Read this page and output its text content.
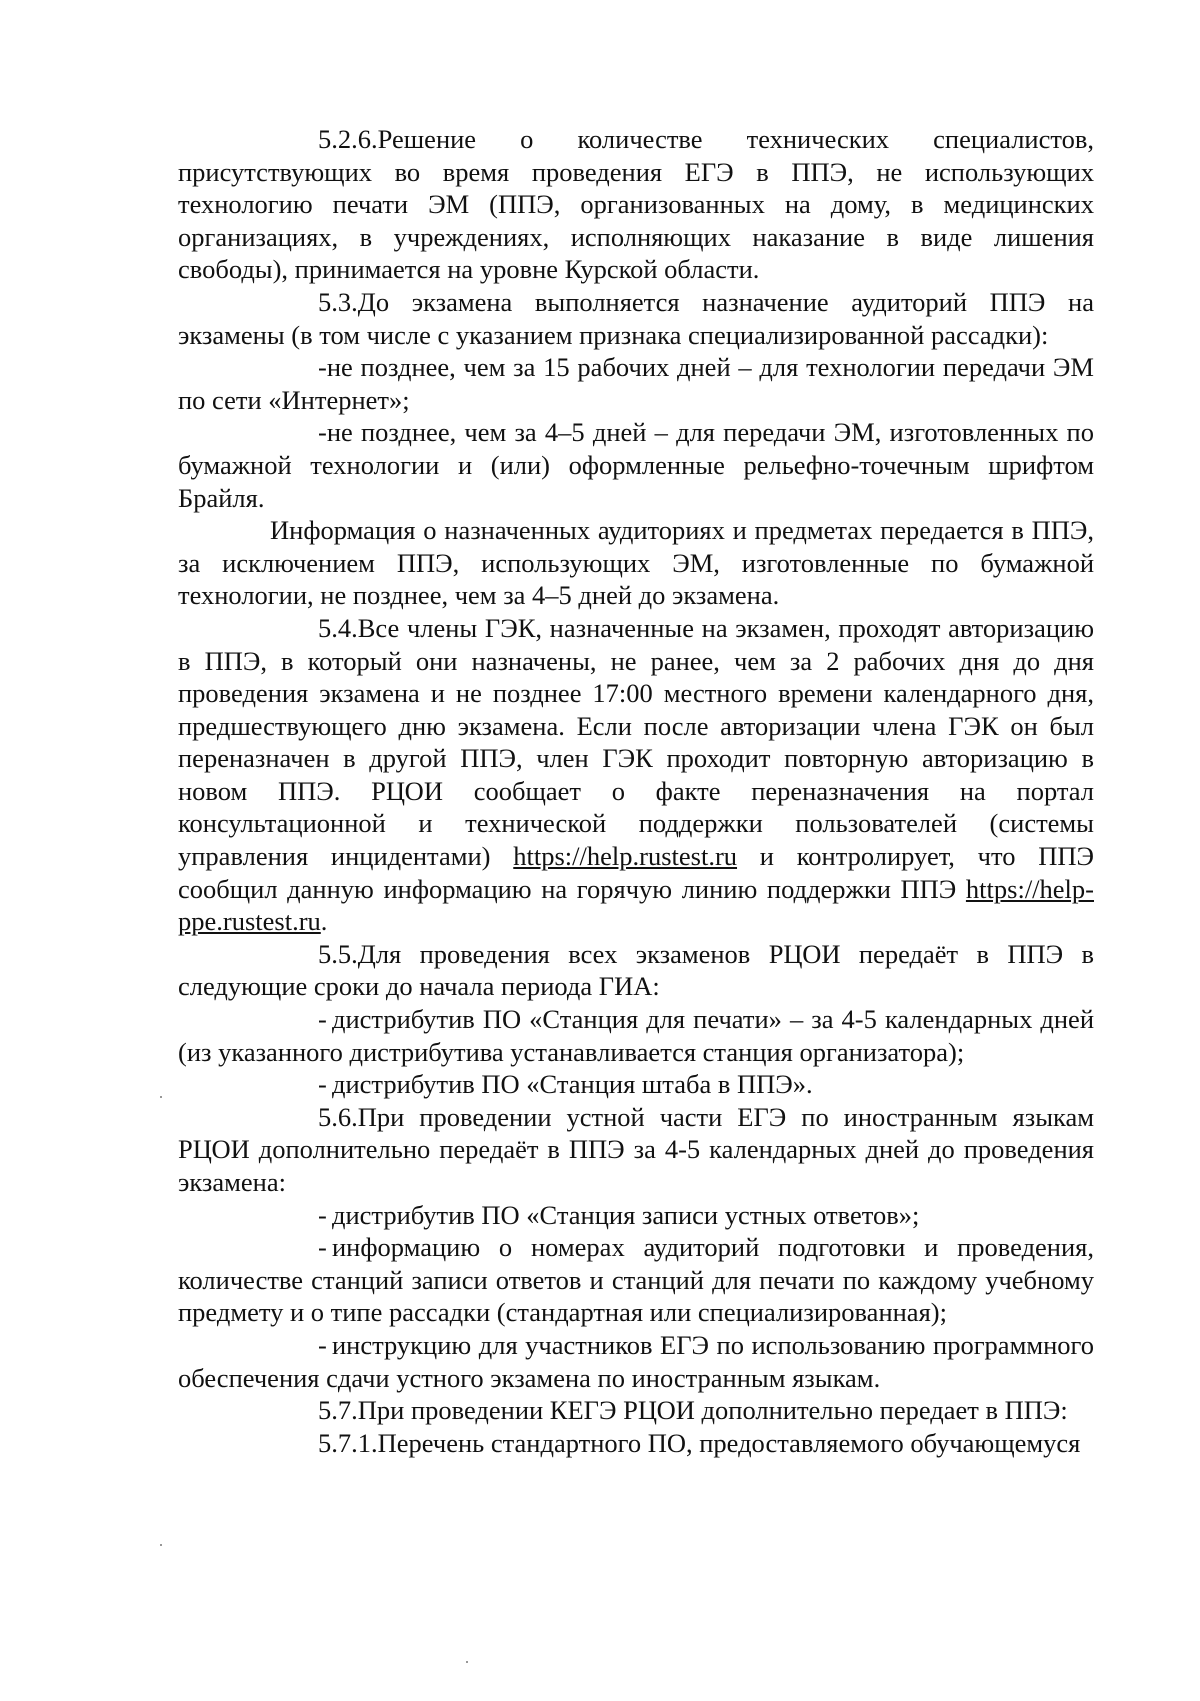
5.2.6.Решение о количестве технических специалистов, присутствующих во время проведения ЕГЭ в ППЭ, не использующих технологию печати ЭМ (ППЭ, организованных на дому, в медицинских организациях, в учреждениях, исполняющих наказание в виде лишения свободы), принимается на уровне Курской области.

5.3.До экзамена выполняется назначение аудиторий ППЭ на экзамены (в том числе с указанием признака специализированной рассадки):

-не позднее, чем за 15 рабочих дней – для технологии передачи ЭМ по сети «Интернет»;

-не позднее, чем за 4–5 дней – для передачи ЭМ, изготовленных по бумажной технологии и (или) оформленные рельефно-точечным шрифтом Брайля.

Информация о назначенных аудиториях и предметах передается в ППЭ, за исключением ППЭ, использующих ЭМ, изготовленные по бумажной технологии, не позднее, чем за 4–5 дней до экзамена.

5.4.Все члены ГЭК, назначенные на экзамен, проходят авторизацию в ППЭ, в который они назначены, не ранее, чем за 2 рабочих дня до дня проведения экзамена и не позднее 17:00 местного времени календарного дня, предшествующего дню экзамена. Если после авторизации члена ГЭК он был переназначен в другой ППЭ, член ГЭК проходит повторную авторизацию в новом ППЭ. РЦОИ сообщает о факте переназначения на портал консультационной и технической поддержки пользователей (системы управления инцидентами) https://help.rustest.ru и контролирует, что ППЭ сообщил данную информацию на горячую линию поддержки ППЭ https://help-ppe.rustest.ru.

5.5.Для проведения всех экзаменов РЦОИ передаёт в ППЭ в следующие сроки до начала периода ГИА:

- дистрибутив ПО «Станция для печати» – за 4-5 календарных дней (из указанного дистрибутива устанавливается станция организатора);

- дистрибутив ПО «Станция штаба в ППЭ».

5.6.При проведении устной части ЕГЭ по иностранным языкам РЦОИ дополнительно передаёт в ППЭ за 4-5 календарных дней до проведения экзамена:

- дистрибутив ПО «Станция записи устных ответов»;

- информацию о номерах аудиторий подготовки и проведения, количестве станций записи ответов и станций для печати по каждому учебному предмету и о типе рассадки (стандартная или специализированная);

- инструкцию для участников ЕГЭ по использованию программного обеспечения сдачи устного экзамена по иностранным языкам.

5.7.При проведении КЕГЭ РЦОИ дополнительно передает в ППЭ:

5.7.1.Перечень стандартного ПО, предоставляемого обучающемуся
